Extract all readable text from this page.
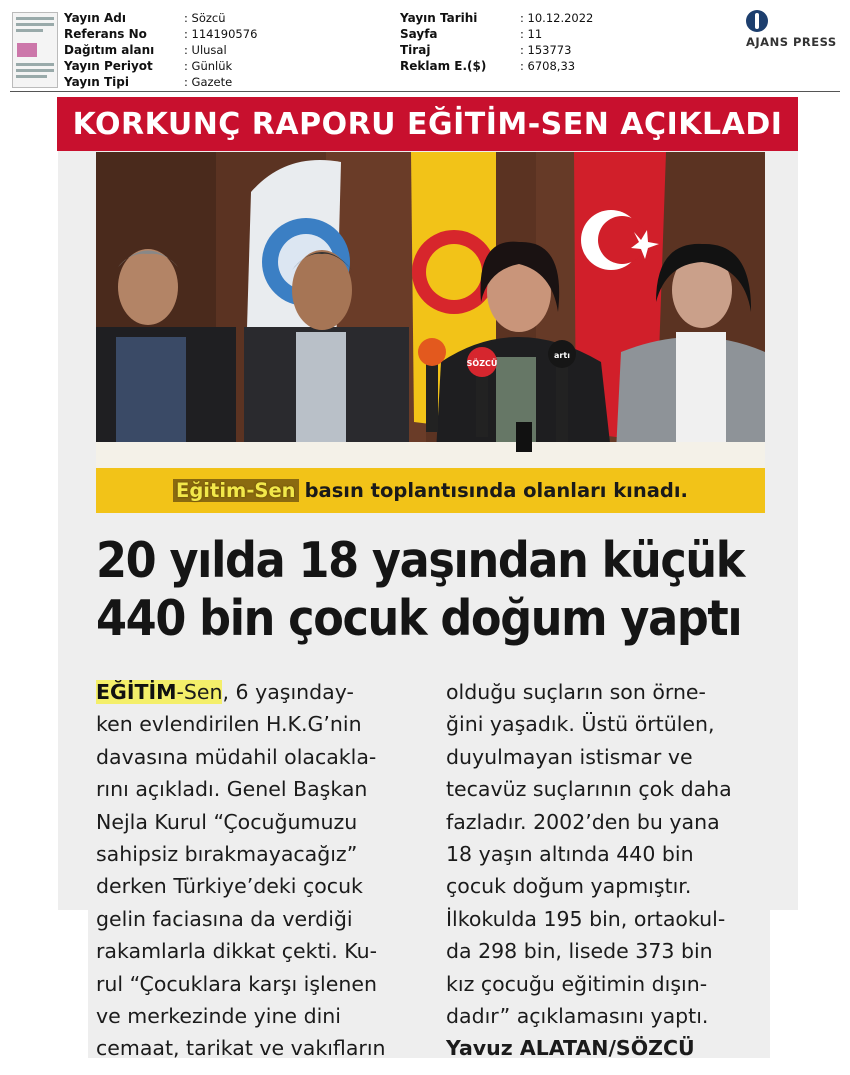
Yayın Adı	: Sözcü
Referans No	: 114190576
Dağıtım alanı	: Ulusal
Yayın Periyot	: Günlük
Yayın Tipi	: Gazete
Yayın Tarihi	: 10.12.2022
Sayfa	: 11
Tiraj	: 153773
Reklam E.($)	: 6708,33
AJANS PRESS
KORKUNÇ RAPORU EĞİTİM-SEN AÇIKLADI
SÖZCÜ
artı
Eğitim-Sen basın toplantısında olanları kınadı.
20 yılda 18 yaşından küçük
440 bin çocuk doğum yaptı
EĞİTİM-Sen, 6 yaşınday-
ken evlendirilen H.K.G’nin
davasına müdahil olacakla-
rını açıkladı. Genel Başkan
Nejla Kurul “Çocuğumuzu
sahipsiz bırakmayacağız”
derken Türkiye’deki çocuk
gelin faciasına da verdiği
rakamlarla dikkat çekti. Ku-
rul “Çocuklara karşı işlenen
ve merkezinde yine dini
cemaat, tarikat ve vakıfların
olduğu suçların son örne-
ğini yaşadık. Üstü örtülen,
duyulmayan istismar ve
tecavüz suçlarının çok daha
fazladır. 2002’den bu yana
18 yaşın altında 440 bin
çocuk doğum yapmıştır.
İlkokulda 195 bin, ortaokul-
da 298 bin, lisede 373 bin
kız çocuğu eğitimin dışın-
dadır” açıklamasını yaptı.
Yavuz ALATAN/SÖZCÜ
